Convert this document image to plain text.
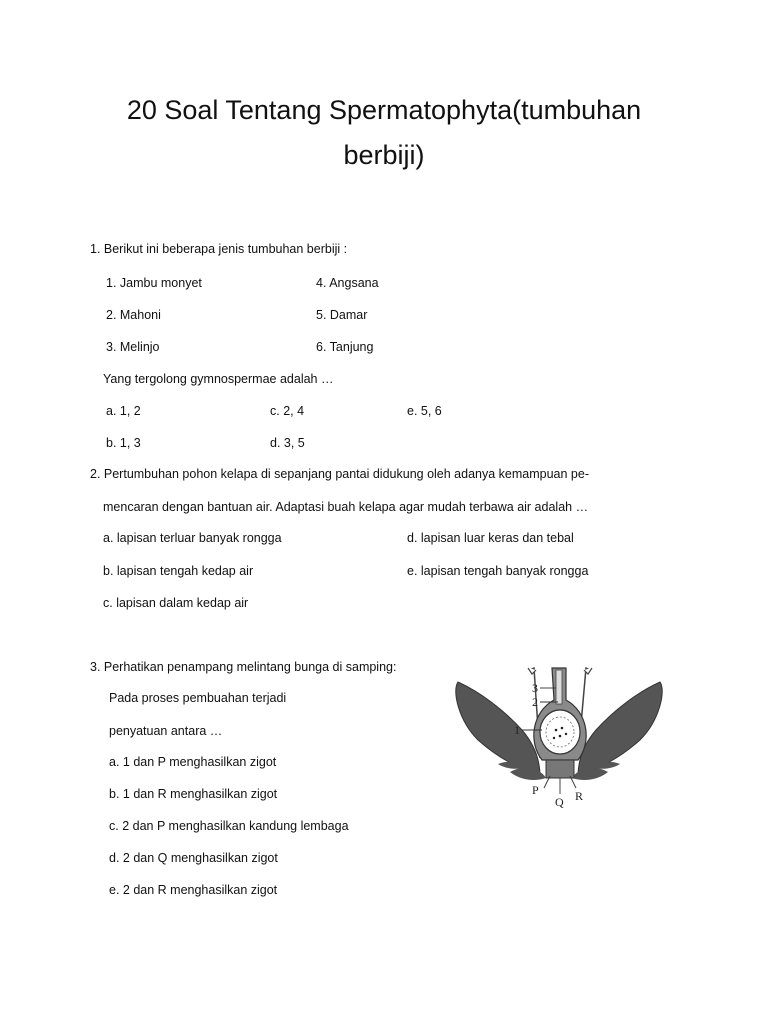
20 Soal Tentang Spermatophyta(tumbuhan
berbiji)
1. Berikut ini beberapa jenis tumbuhan berbiji :
1. Jambu monyet
2. Mahoni
3. Melinjo
4. Angsana
5. Damar
6. Tanjung
Yang tergolong gymnospermae adalah …
a. 1, 2
b. 1, 3
c. 2, 4
d. 3, 5
e. 5, 6
2. Pertumbuhan pohon kelapa di sepanjang pantai didukung oleh adanya kemampuan pe-
mencaran dengan bantuan air. Adaptasi buah kelapa agar mudah terbawa air adalah …
a. lapisan terluar banyak rongga
b. lapisan tengah kedap air
c. lapisan dalam kedap air
d. lapisan luar keras dan tebal
e. lapisan tengah banyak rongga
3. Perhatikan penampang melintang bunga di samping:
Pada proses pembuahan terjadi
penyatuan antara …
a. 1 dan P menghasilkan zigot
b. 1 dan R menghasilkan zigot
c. 2 dan P menghasilkan kandung lembaga
d. 2 dan Q menghasilkan zigot
e. 2 dan R menghasilkan zigot
3
2
1
P
Q R
